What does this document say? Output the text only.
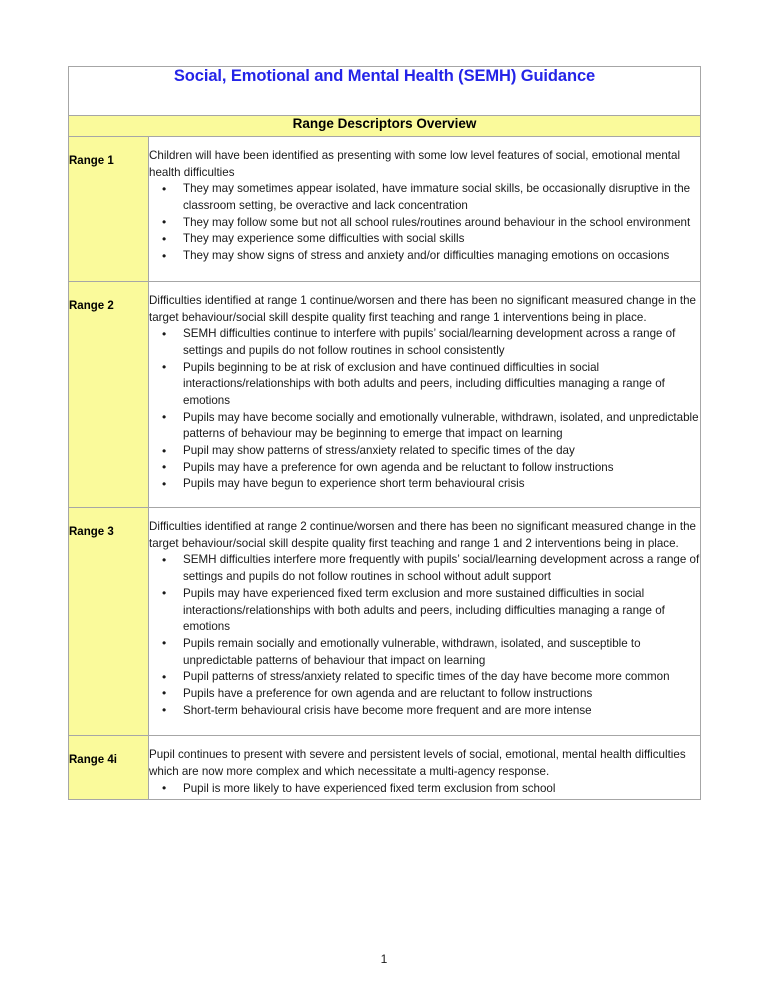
Social, Emotional and Mental Health (SEMH) Guidance	

Range Descriptors Overview	

Range 1	Children will have been identified as presenting with some low level features of social, emotional mental health difficulties

• They may sometimes appear isolated, have immature social skills, be occasionally disruptive in the classroom setting, be overactive and lack concentration
• They may follow some but not all school rules/routines around behaviour in the school environment
• They may experience some difficulties with social skills
• They may show signs of stress and anxiety and/or difficulties managing emotions on occasions

Range 2	Difficulties identified at range 1 continue/worsen and there has been no significant measured change in the target behaviour/social skill despite quality first teaching and range 1 interventions being in place.

• SEMH difficulties continue to interfere with pupils’ social/learning development across a range of settings and pupils do not follow routines in school consistently
• Pupils beginning to be at risk of exclusion and have continued difficulties in social interactions/relationships with both adults and peers, including difficulties managing a range of emotions
• Pupils may have become socially and emotionally vulnerable, withdrawn, isolated, and unpredictable patterns of behaviour may be beginning to emerge that impact on learning
• Pupil may show patterns of stress/anxiety related to specific times of the day
• Pupils may have a preference for own agenda and be reluctant to follow instructions
• Pupils may have begun to experience short term behavioural crisis

Range 3	Difficulties identified at range 2 continue/worsen and there has been no significant measured change in the target behaviour/social skill despite quality first teaching and range 1 and 2 interventions being in place.

• SEMH difficulties interfere more frequently with pupils’ social/learning development across a range of settings and pupils do not follow routines in school without adult support
• Pupils may have experienced fixed term exclusion and more sustained difficulties in social interactions/relationships with both adults and peers, including difficulties managing a range of emotions
• Pupils remain socially and emotionally vulnerable, withdrawn, isolated, and susceptible to unpredictable patterns of behaviour that impact on learning
• Pupil patterns of stress/anxiety related to specific times of the day have become more common
• Pupils have a preference for own agenda and are reluctant to follow instructions
• Short-term behavioural crisis have become more frequent and are more intense

Range 4i	Pupil continues to present with severe and persistent levels of social, emotional, mental health difficulties which are now more complex and which necessitate a multi-agency response.

• Pupil is more likely to have experienced fixed term exclusion from school
1
